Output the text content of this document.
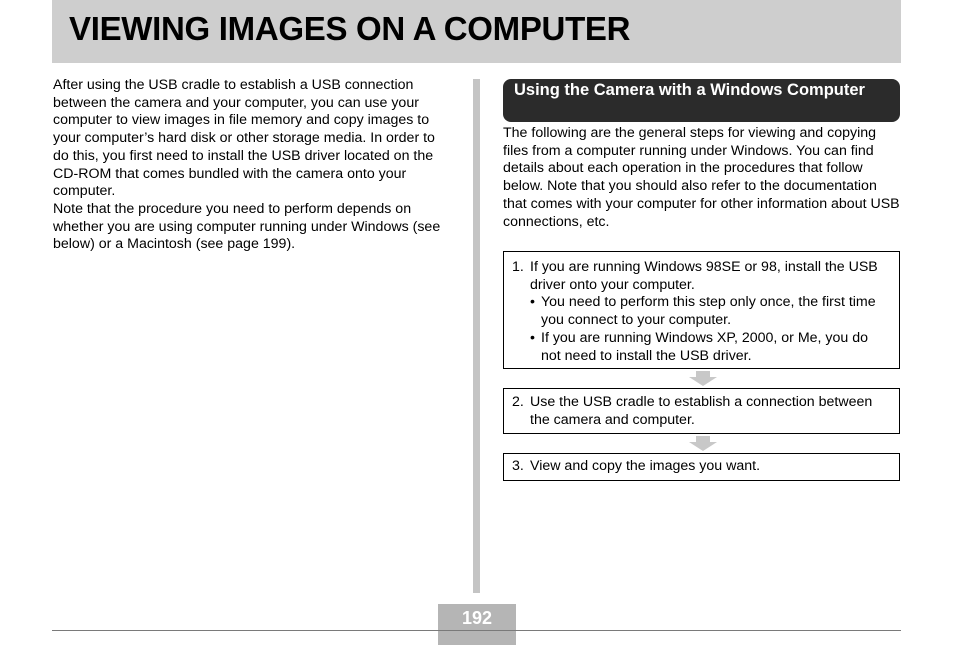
VIEWING IMAGES ON A COMPUTER

After using the USB cradle to establish a USB connection between the camera and your computer, you can use your computer to view images in file memory and copy images to your computer’s hard disk or other storage media. In order to do this, you first need to install the USB driver located on the CD-ROM that comes bundled with the camera onto your computer.

Note that the procedure you need to perform depends on whether you are using computer running under Windows (see below) or a Macintosh (see page 199).

Using the Camera with a Windows Computer

The following are the general steps for viewing and copying files from a computer running under Windows. You can find details about each operation in the procedures that follow below. Note that you should also refer to the documentation that comes with your computer for other information about USB connections, etc.

1. If you are running Windows 98SE or 98, install the USB driver onto your computer.
• You need to perform this step only once, the first time you connect to your computer.
• If you are running Windows XP, 2000, or Me, you do not need to install the USB driver.
2. Use the USB cradle to establish a connection between the camera and computer.
3. View and copy the images you want.
192
